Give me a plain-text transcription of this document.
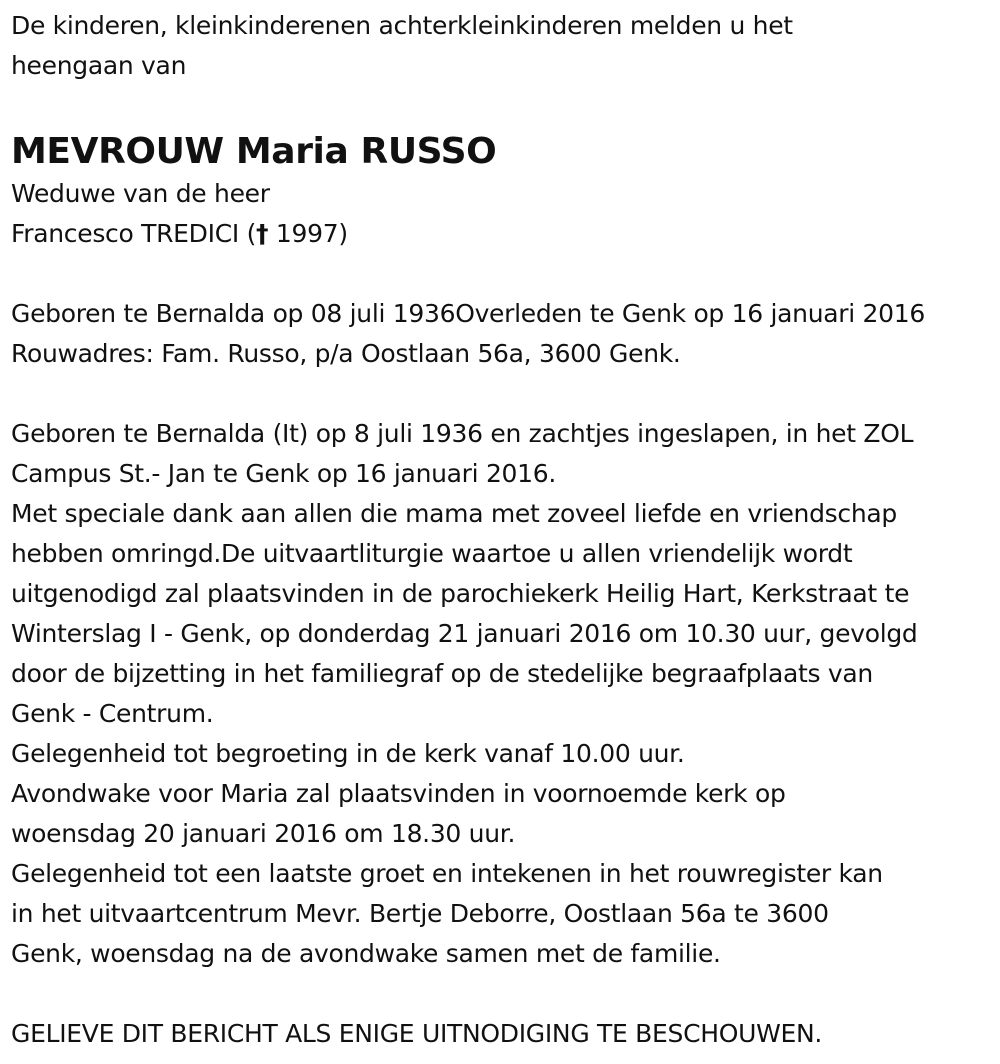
De kinderen, kleinkinderenen achterkleinkinderen melden u het
heengaan van
MEVROUW Maria RUSSO
Weduwe van de heer
Francesco TREDICI († 1997)
Geboren te Bernalda op 08 juli 1936Overleden te Genk op 16 januari 2016
Rouwadres: Fam. Russo, p/a Oostlaan 56a, 3600 Genk.
Geboren te Bernalda (It) op 8 juli 1936 en zachtjes ingeslapen, in het ZOL
Campus St.- Jan te Genk op 16 januari 2016.
Met speciale dank aan allen die mama met zoveel liefde en vriendschap
hebben omringd.De uitvaartliturgie waartoe u allen vriendelijk wordt
uitgenodigd zal plaatsvinden in de parochiekerk Heilig Hart, Kerkstraat te
Winterslag I - Genk, op donderdag 21 januari 2016 om 10.30 uur, gevolgd
door de bijzetting in het familiegraf op de stedelijke begraafplaats van
Genk - Centrum.
Gelegenheid tot begroeting in de kerk vanaf 10.00 uur.
Avondwake voor Maria zal plaatsvinden in voornoemde kerk op
woensdag 20 januari 2016 om 18.30 uur.
Gelegenheid tot een laatste groet en intekenen in het rouwregister kan
in het uitvaartcentrum Mevr. Bertje Deborre, Oostlaan 56a te 3600
Genk, woensdag na de avondwake samen met de familie.
GELIEVE DIT BERICHT ALS ENIGE UITNODIGING TE BESCHOUWEN.
